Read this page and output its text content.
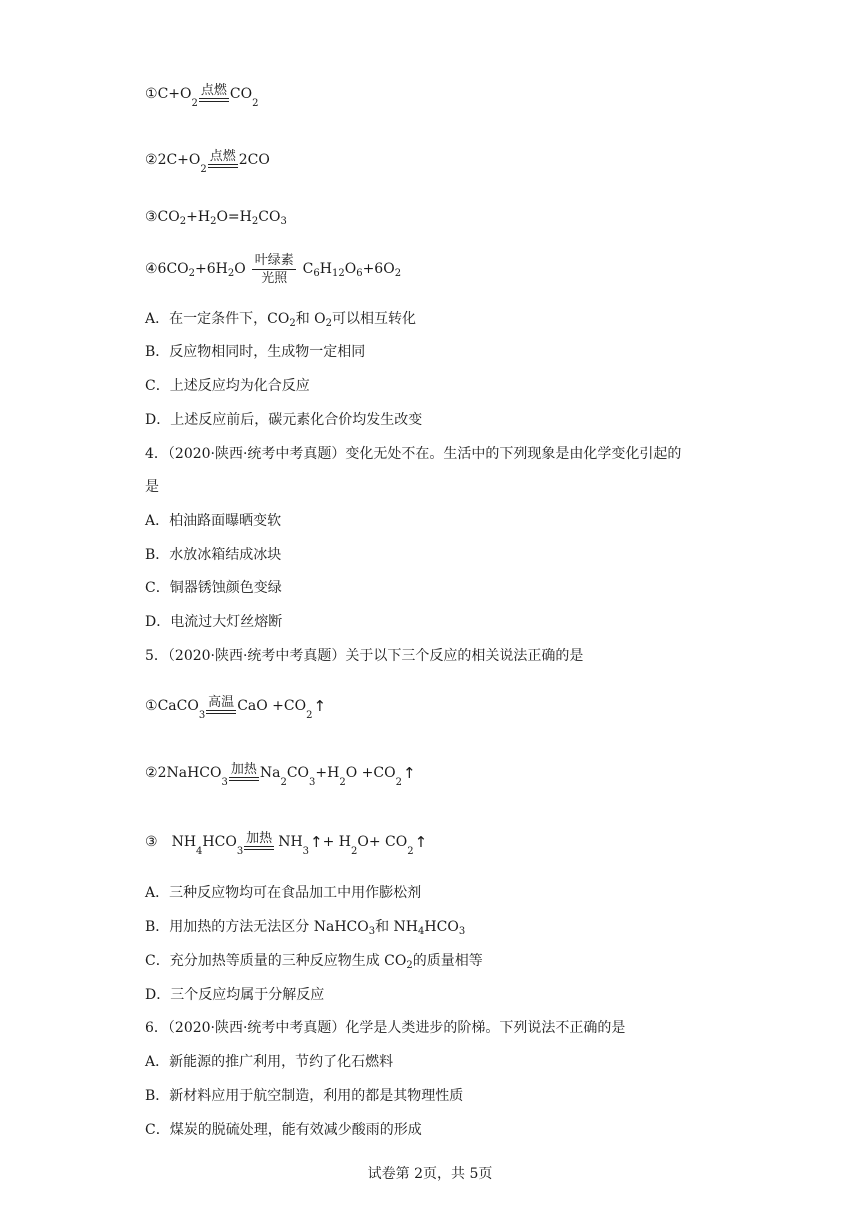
① C+O
2
点燃 CO
2
② 2C+O
2
点燃 2CO
$③CO_2+H_2O=H_2CO_3$
$④6CO_2+6H_2O \frac{\text{叶绿素}}{\text{光照}} C_6H_{12}O_6+6O_2$
A．在一定条件下，$CO_2$和 $O_2$可以相互转化
B．反应物相同时，生成物一定相同
C．上述反应均为化合反应
D．上述反应前后，碳元素化合价均发生改变
4．（2020·陕西·统考中考真题）变化无处不在。生活中的下列现象是由化学变化引起的
是
A．柏油路面曝晒变软
B．水放冰箱结成冰块
C．铜器锈蚀颜色变绿
D．电流过大灯丝熔断
5．（2020·陕西·统考中考真题）关于以下三个反应的相关说法正确的是
① CaCO
3
高温 CaO +CO
2
↑
② 2NaHCO
3
加热 Na
2
CO
3
+H
2
O +CO
2
↑
③ NH
4
HCO
3
加热 NH
3
↑ + H
2
O+ CO
2
↑
A．三种反应物均可在食品加工中用作膨松剂
B．用加热的方法无法区分 NaHCO$_3$和 $NH_4HCO_3$
C．充分加热等质量的三种反应物生成 $CO_2$的质量相等
D．三个反应均属于分解反应
6．（2020·陕西·统考中考真题）化学是人类进步的阶梯。下列说法不正确的是
A．新能源的推广利用，节约了化石燃料
B．新材料应用于航空制造，利用的都是其物理性质
C．煤炭的脱硫处理，能有效减少酸雨的形成
试卷第 2页，共 5页
